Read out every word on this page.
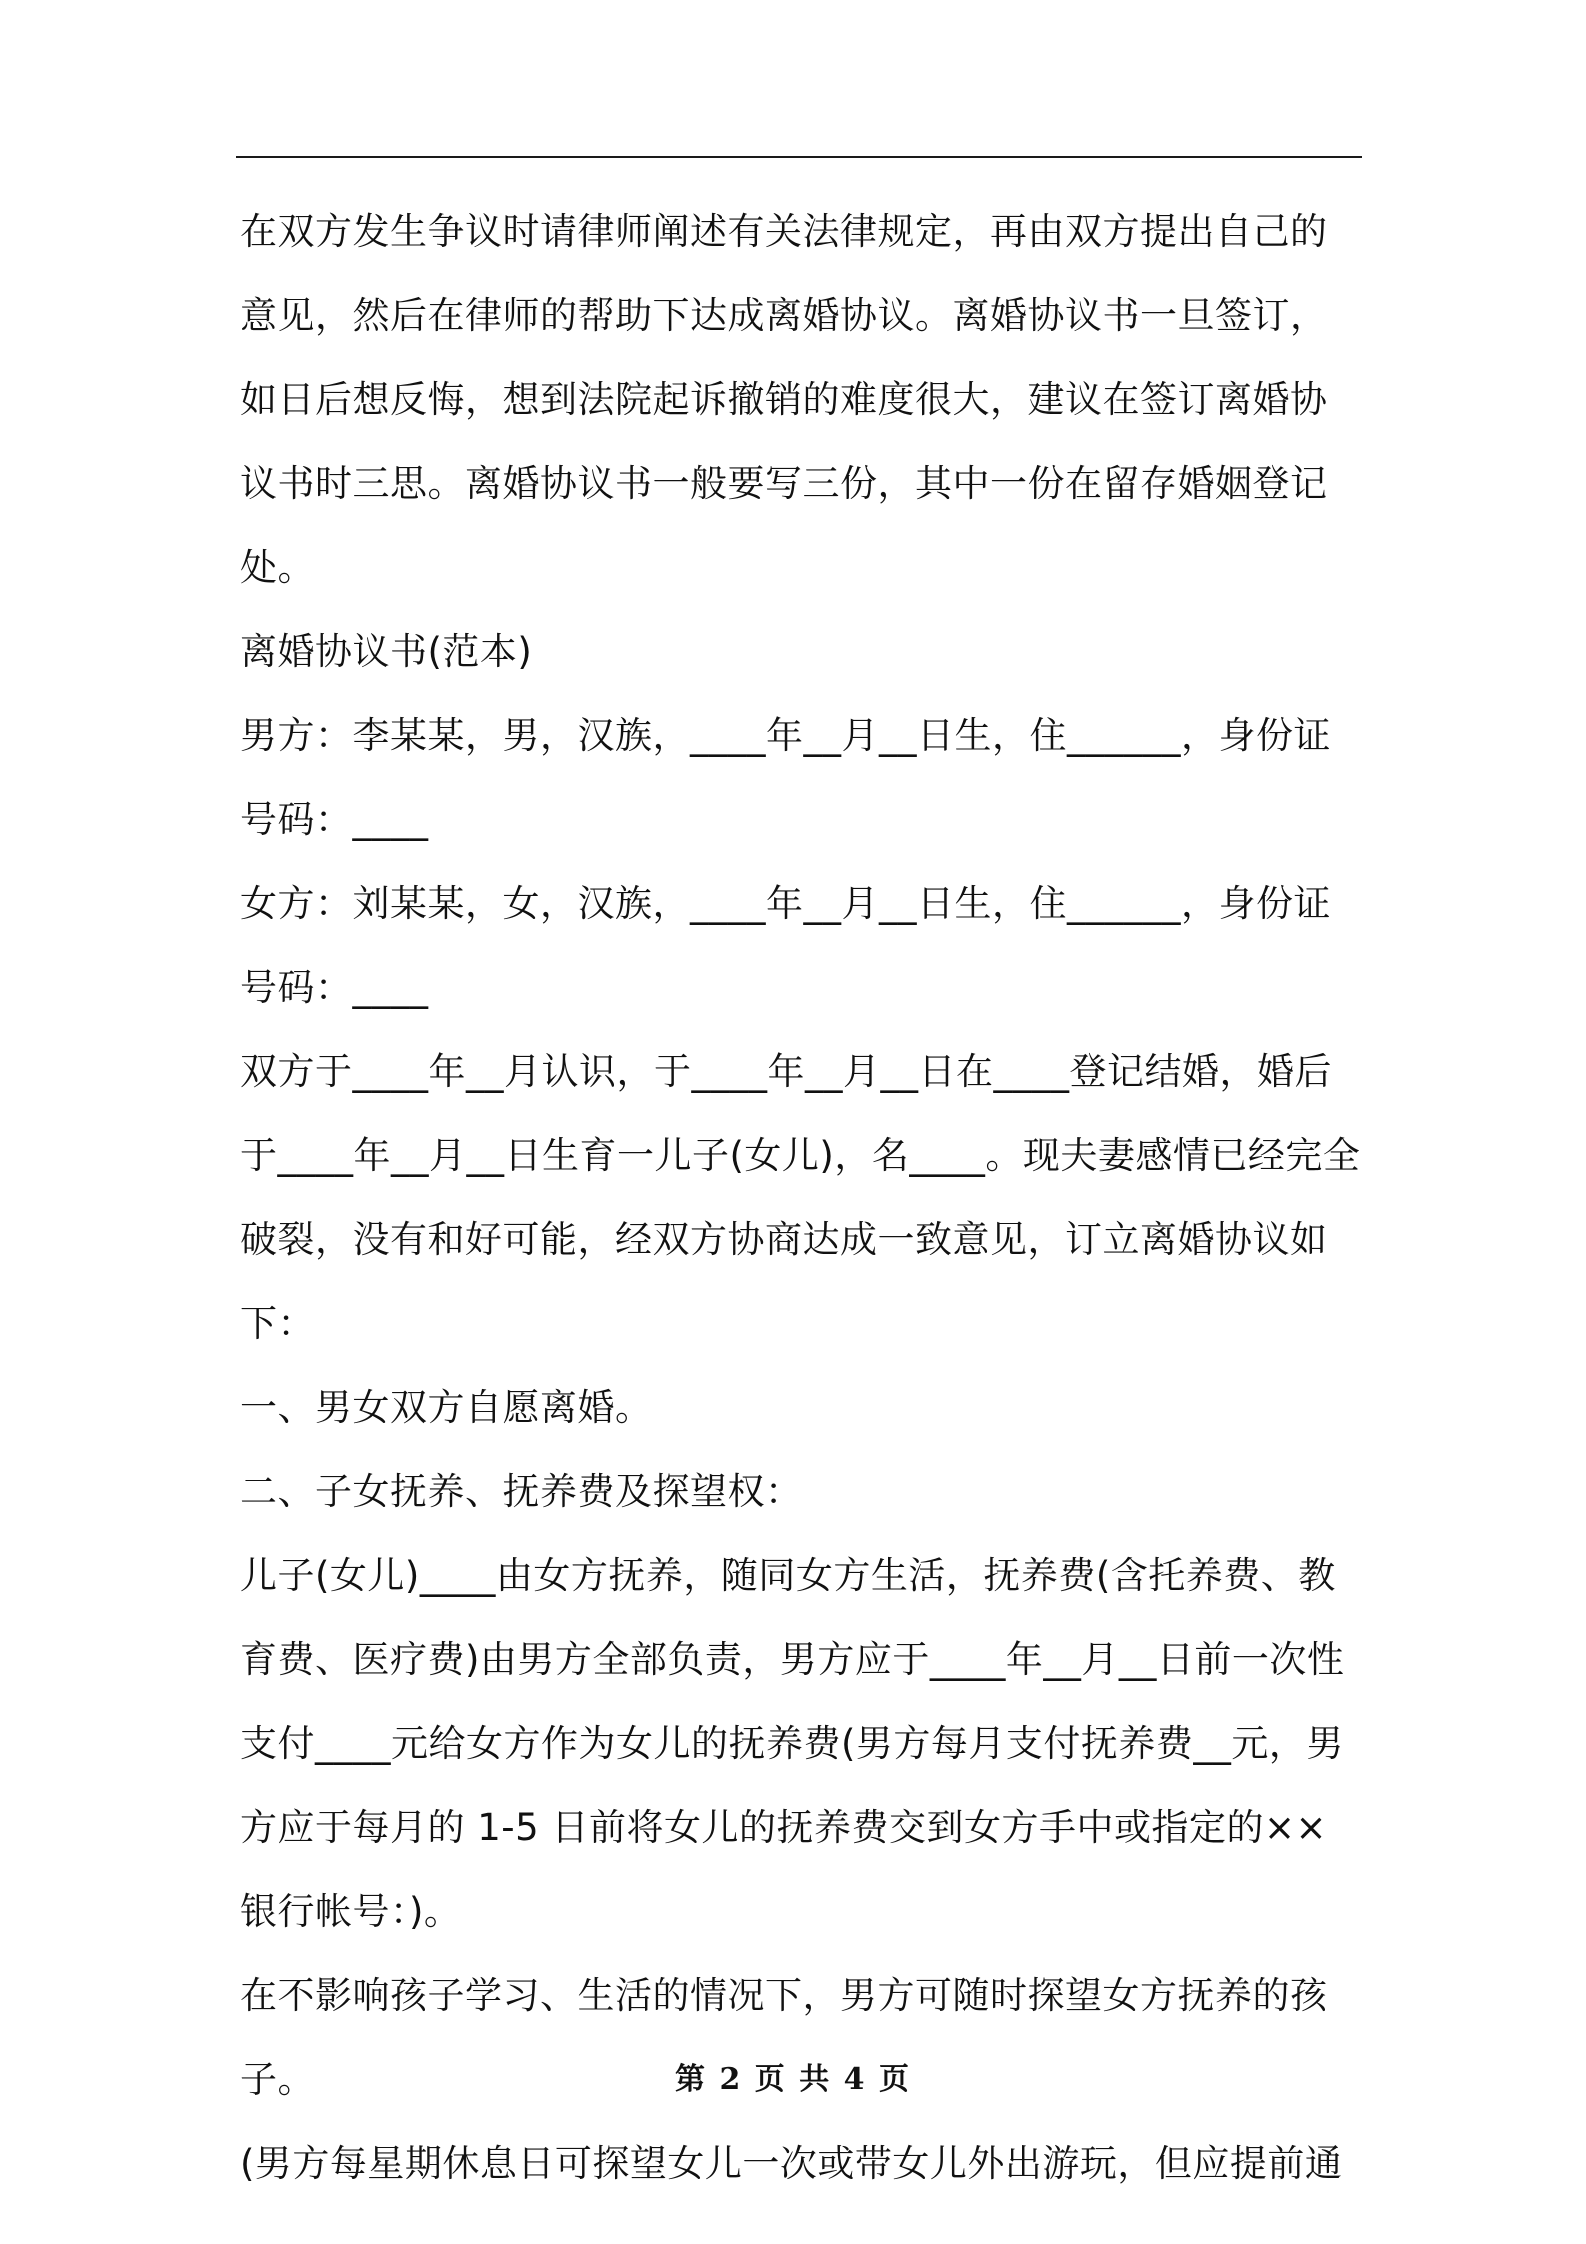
在双方发生争议时请律师阐述有关法律规定，再由双方提出自己的意见，然后在律师的帮助下达成离婚协议。离婚协议书一旦签订，如日后想反悔，想到法院起诉撤销的难度很大，建议在签订离婚协议书时三思。离婚协议书一般要写三份，其中一份在留存婚姻登记处。

离婚协议书(范本)

男方：李某某，男，汉族，____年__月__日生，住______，身份证号码：____

女方：刘某某，女，汉族，____年__月__日生，住______，身份证号码：____

双方于____年__月认识，于____年__月__日在____登记结婚，婚后于____年__月__日生育一儿子(女儿)，名____。现夫妻感情已经完全破裂，没有和好可能，经双方协商达成一致意见，订立离婚协议如下：

一、男女双方自愿离婚。

二、子女抚养、抚养费及探望权：

儿子(女儿)____由女方抚养，随同女方生活，抚养费(含托养费、教育费、医疗费)由男方全部负责，男方应于____年__月__日前一次性支付____元给女方作为女儿的抚养费(男方每月支付抚养费__元，男方应于每月的 1-5 日前将女儿的抚养费交到女方手中或指定的××银行帐号：)。

在不影响孩子学习、生活的情况下，男方可随时探望女方抚养的孩子。

(男方每星期休息日可探望女儿一次或带女儿外出游玩，但应提前通

第 2 页 共 4 页
